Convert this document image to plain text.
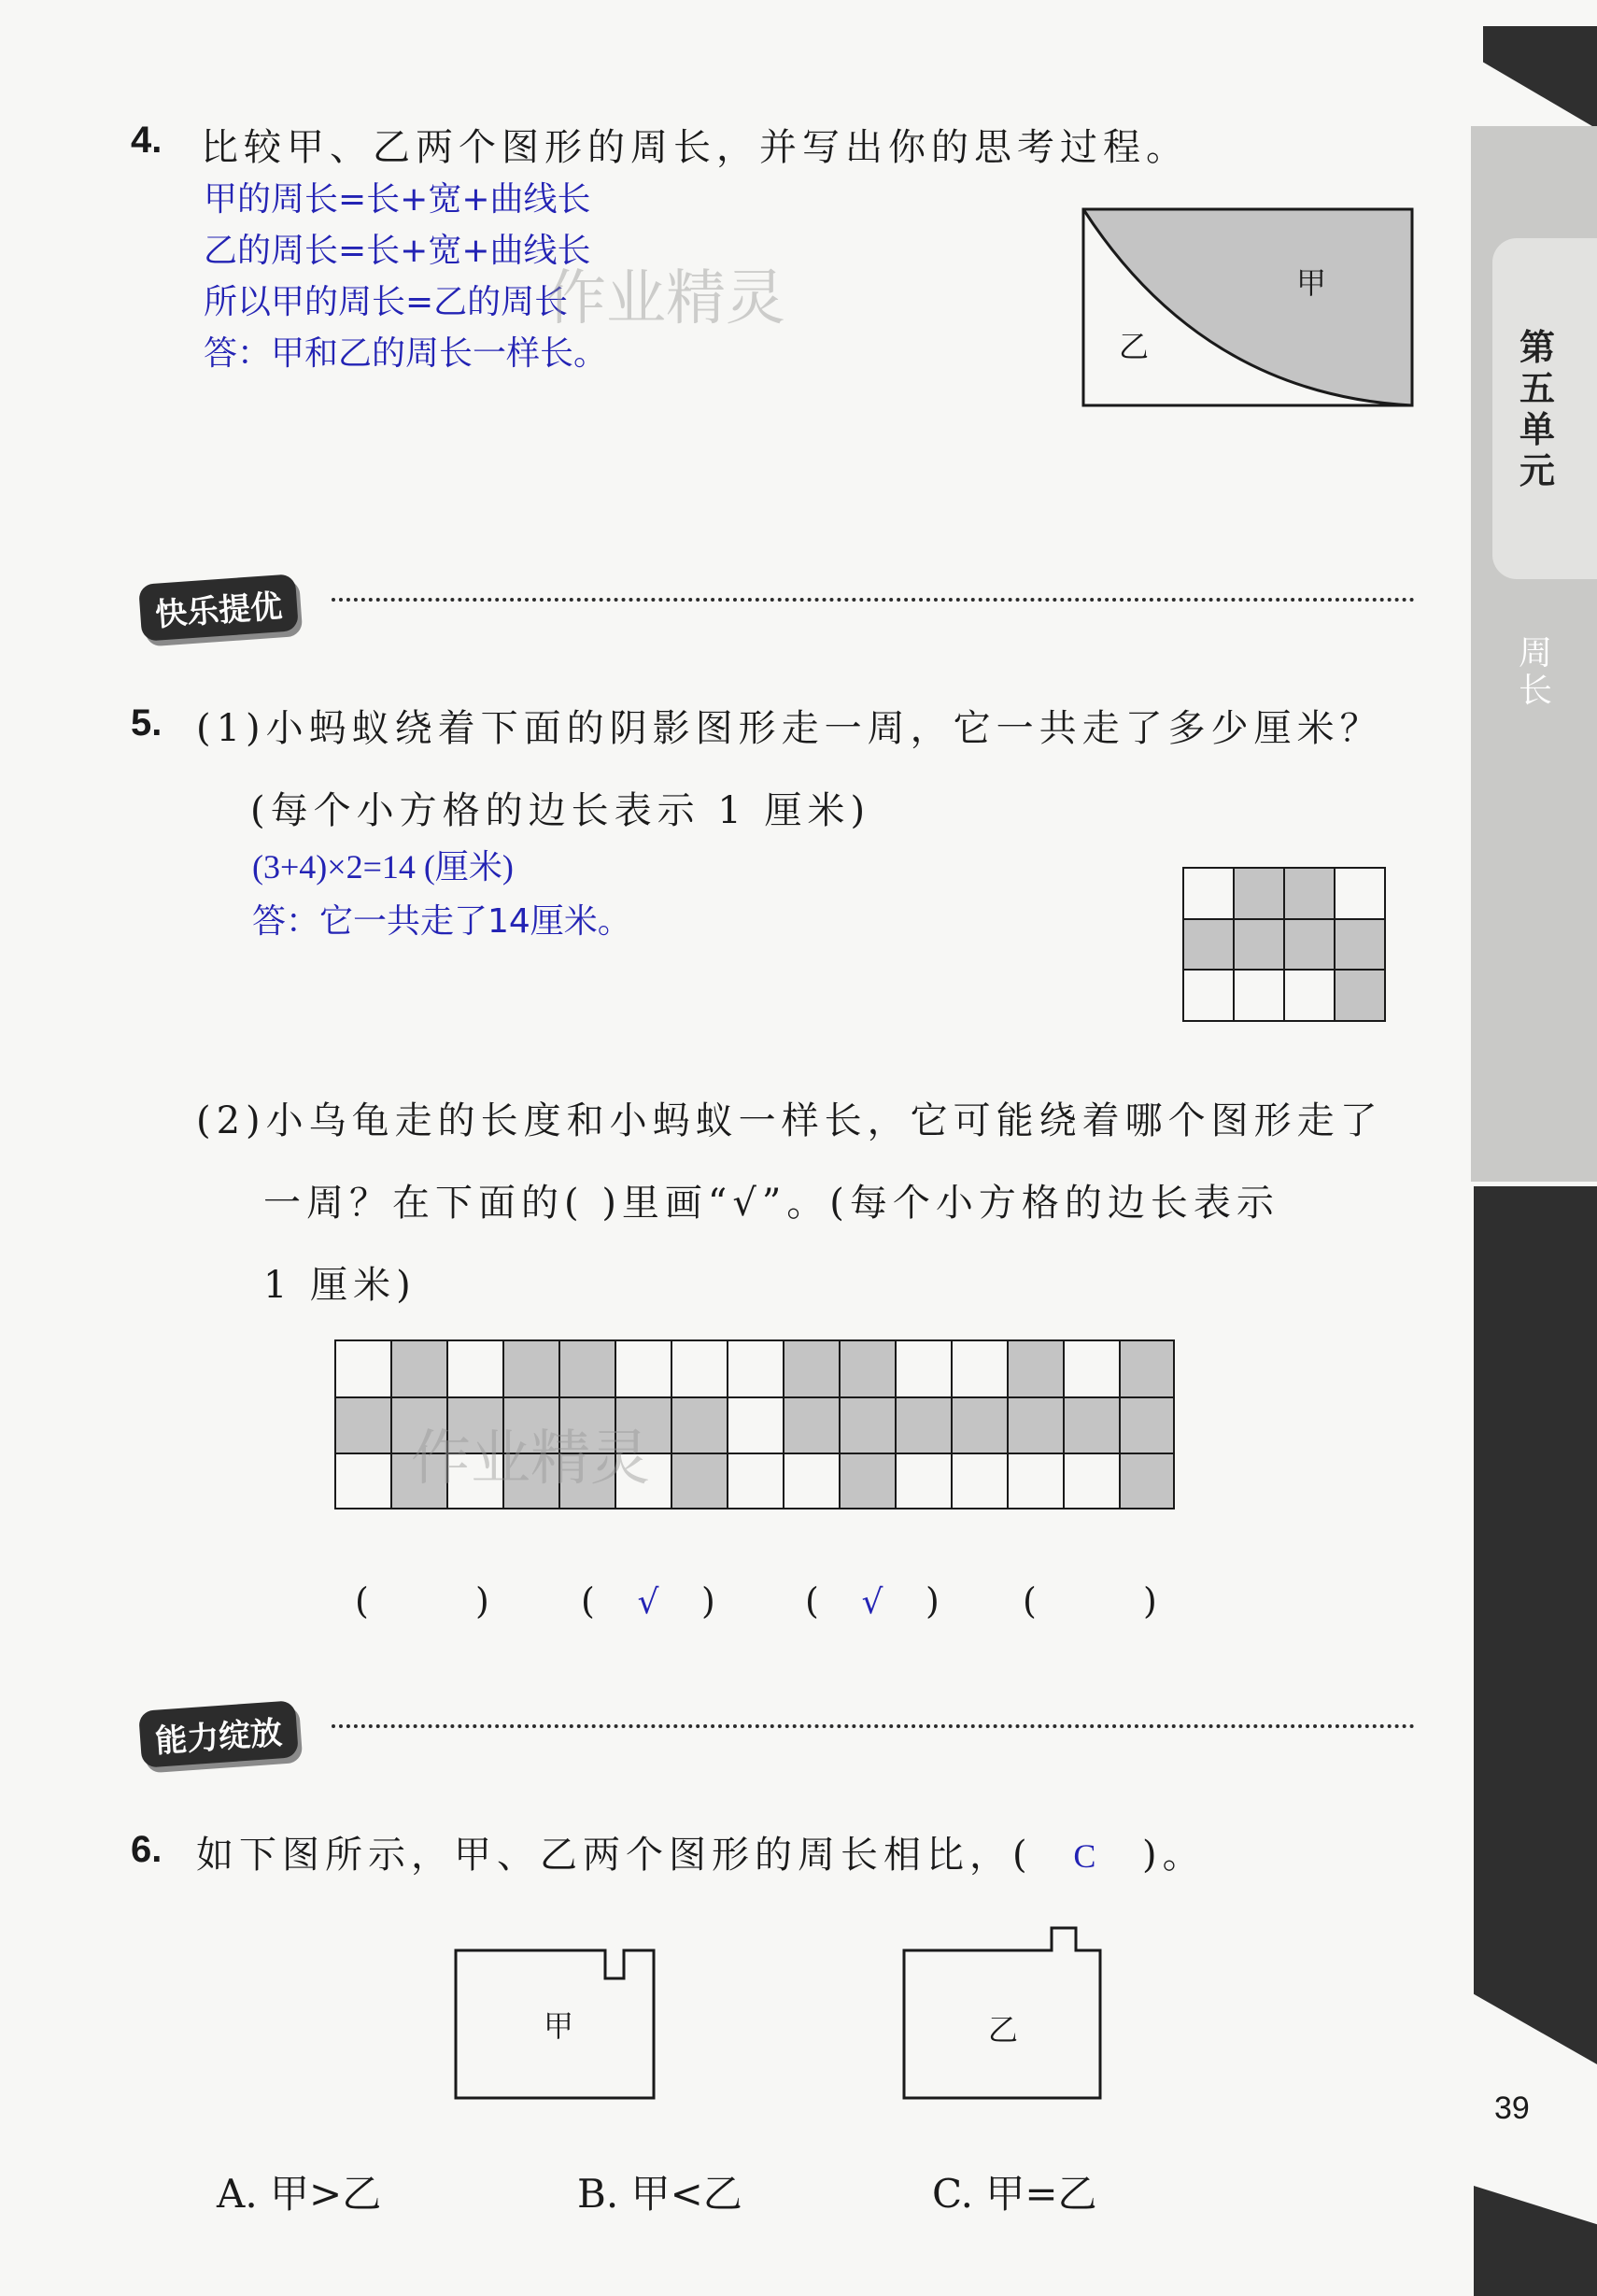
第五单元
周长
39
4. 比较甲、乙两个图形的周长，并写出你的思考过程。
甲的周长=长+宽+曲线长
乙的周长=长+宽+曲线长
所以甲的周长=乙的周长
答：甲和乙的周长一样长。
作业精灵	甲
乙
快乐提优
5. (1)小蚂蚁绕着下面的阴影图形走一周，它一共走了多少厘米？
(每个小方格的边长表示 1 厘米)
(3+4)×2=14 (厘米)
答：它一共走了14厘米。
(2)小乌龟走的长度和小蚂蚁一样长，它可能绕着哪个图形走了
一周？在下面的( )里画“√”。(每个小方格的边长表示
1 厘米)
作业精灵
(	)	( √ )	( √ ) (	)
能力绽放
6. 如下图所示，甲、乙两个图形的周长相比，( C )。
甲	乙
A. 甲>乙	B. 甲<乙	C. 甲=乙
